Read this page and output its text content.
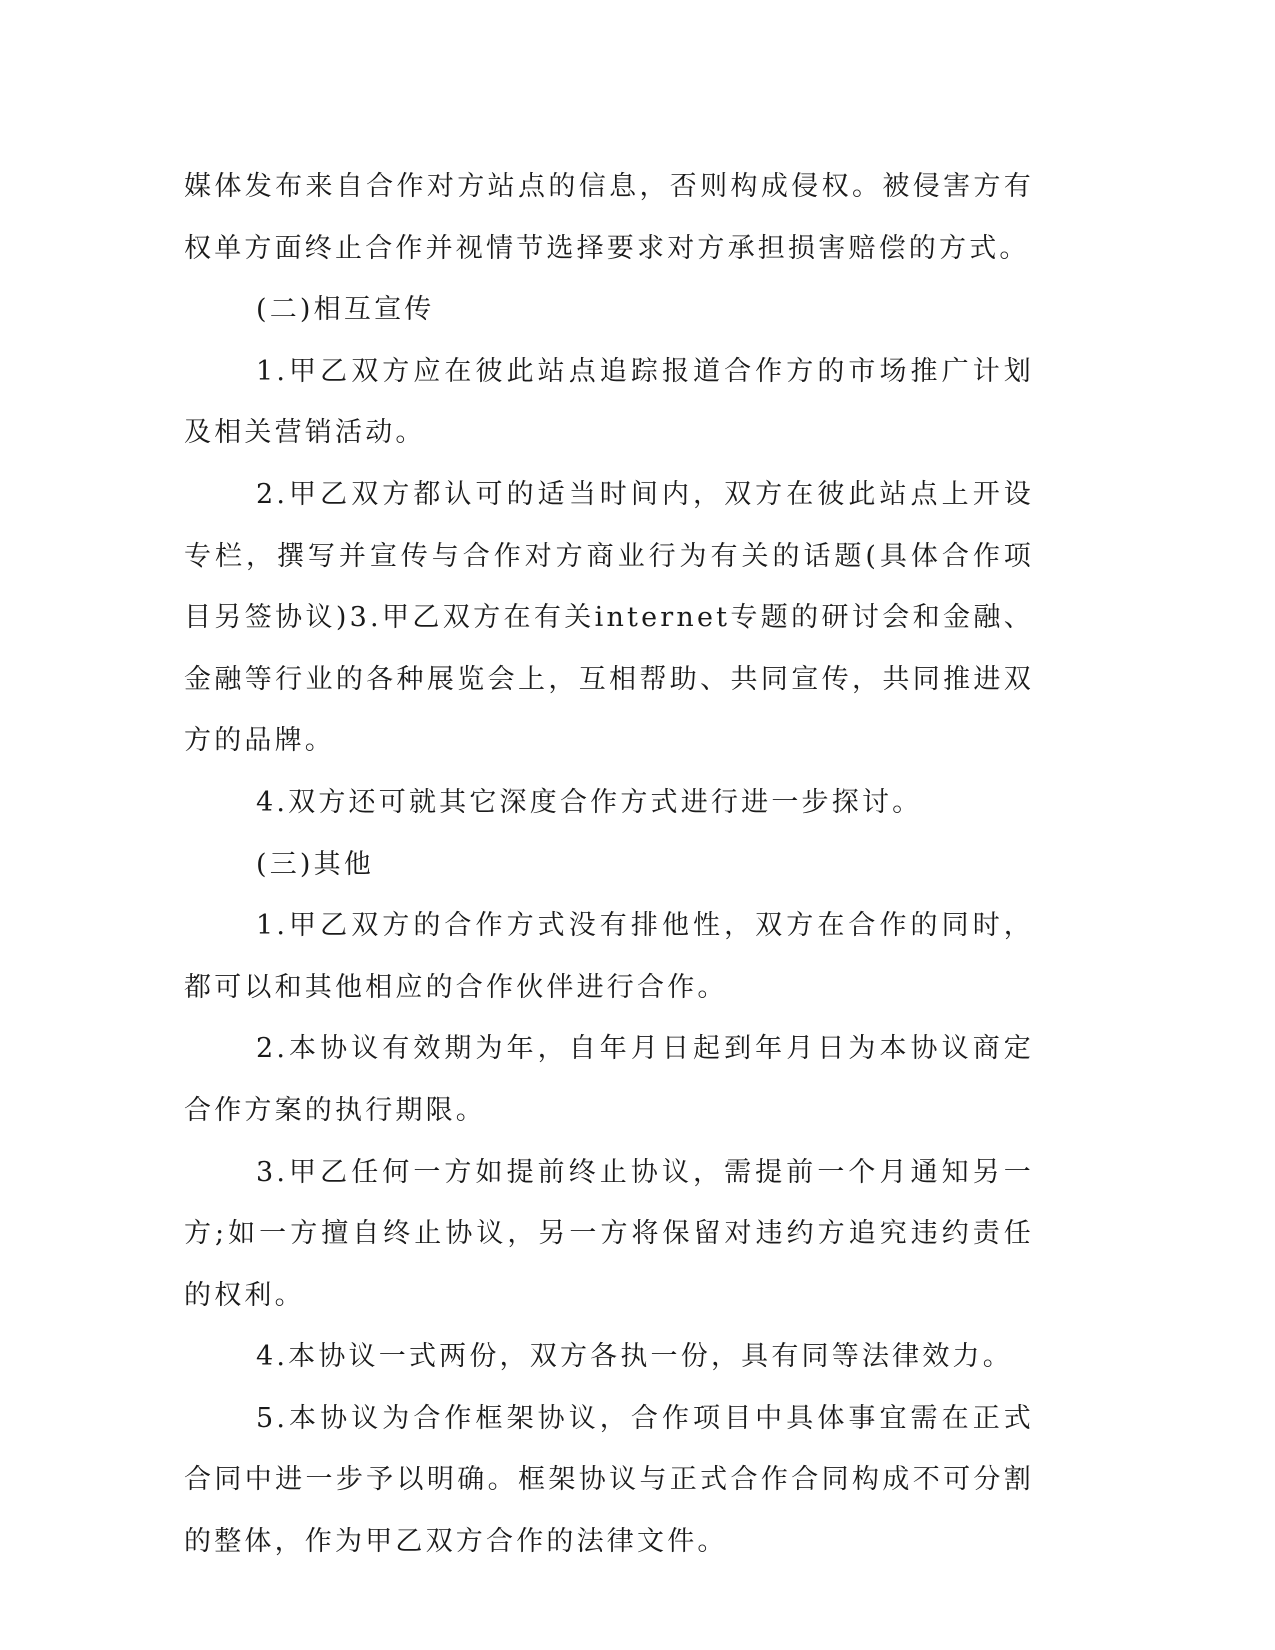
媒体发布来自合作对方站点的信息，否则构成侵权。被侵害方有权单方面终止合作并视情节选择要求对方承担损害赔偿的方式。

(二)相互宣传

1.甲乙双方应在彼此站点追踪报道合作方的市场推广计划及相关营销活动。

2.甲乙双方都认可的适当时间内，双方在彼此站点上开设专栏，撰写并宣传与合作对方商业行为有关的话题(具体合作项目另签协议)3.甲乙双方在有关internet专题的研讨会和金融、金融等行业的各种展览会上，互相帮助、共同宣传，共同推进双方的品牌。

4.双方还可就其它深度合作方式进行进一步探讨。

(三)其他

1.甲乙双方的合作方式没有排他性，双方在合作的同时，都可以和其他相应的合作伙伴进行合作。

2.本协议有效期为年，自年月日起到年月日为本协议商定合作方案的执行期限。

3.甲乙任何一方如提前终止协议，需提前一个月通知另一方;如一方擅自终止协议，另一方将保留对违约方追究违约责任的权利。

4.本协议一式两份，双方各执一份，具有同等法律效力。

5.本协议为合作框架协议，合作项目中具体事宜需在正式合同中进一步予以明确。框架协议与正式合作合同构成不可分割的整体，作为甲乙双方合作的法律文件。
